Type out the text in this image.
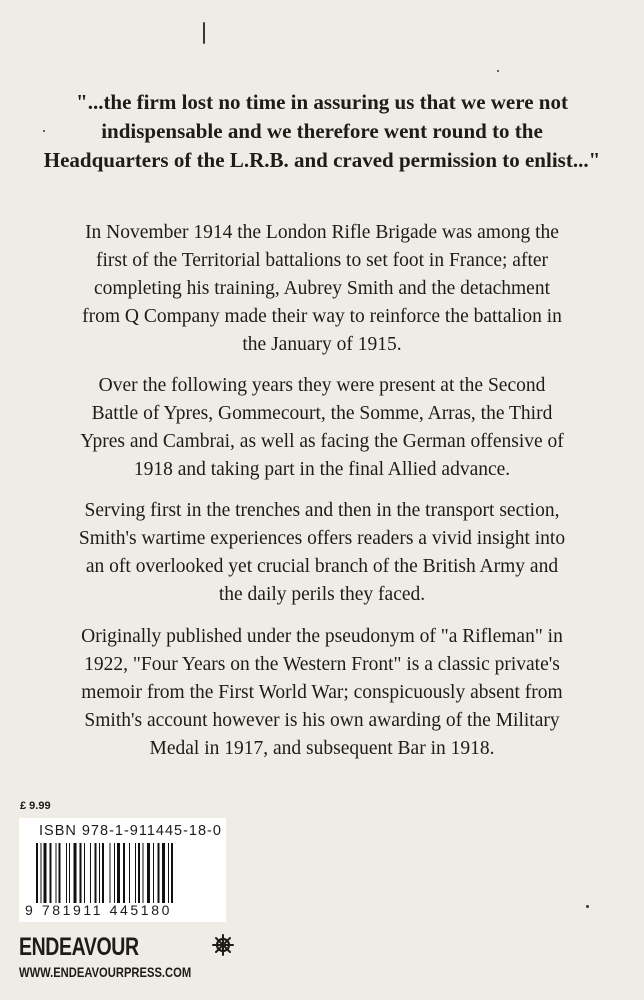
"...the firm lost no time in assuring us that we were not
indispensable and we therefore went round to the
Headquarters of the L.R.B. and craved permission to enlist..."
In November 1914 the London Rifle Brigade was among the
first of the Territorial battalions to set foot in France; after
completing his training, Aubrey Smith and the detachment
from Q Company made their way to reinforce the battalion in
the January of 1915.
Over the following years they were present at the Second
Battle of Ypres, Gommecourt, the Somme, Arras, the Third
Ypres and Cambrai, as well as facing the German offensive of
1918 and taking part in the final Allied advance.
Serving first in the trenches and then in the transport section,
Smith's wartime experiences offers readers a vivid insight into
an oft overlooked yet crucial branch of the British Army and
the daily perils they faced.
Originally published under the pseudonym of "a Rifleman" in
1922, "Four Years on the Western Front" is a classic private's
memoir from the First World War; conspicuously absent from
Smith's account however is his own awarding of the Military
Medal in 1917, and subsequent Bar in 1918.
£ 9.99
ISBN 978-1-911445-18-0
9 781911 445180
ENDEAVOUR
WWW.ENDEAVOURPRESS.COM
